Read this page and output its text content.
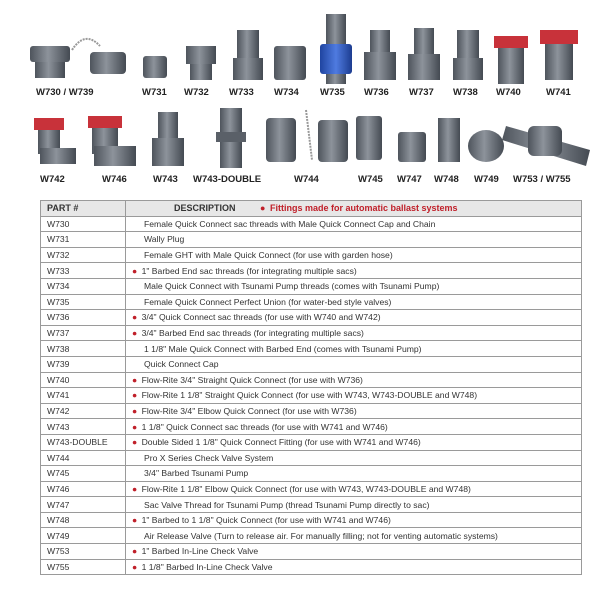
W730 / W739	W731 W732 W733 W734 W735 W736 W737 W738 W740	W741
W742	W746	W743 W743-DOUBLE	W744	W745 W747 W748 W749 W753 / W755
PART #	DESCRIPTION ● Fittings made for automatic ballast systems
W730	Female Quick Connect sac threads with Male Quick Connect Cap and Chain
W731	Wally Plug
W732	Female GHT with Male Quick Connect (for use with garden hose)
W733	● 1" Barbed End sac threads (for integrating multiple sacs)
W734	Male Quick Connect with Tsunami Pump threads (comes with Tsunami Pump)
W735	Female Quick Connect Perfect Union (for water-bed style valves)
W736	● 3/4" Quick Connect sac threads (for use with W740 and W742)
W737	● 3/4" Barbed End sac threads (for integrating multiple sacs)
W738	1 1/8" Male Quick Connect with Barbed End (comes with Tsunami Pump)
W739	Quick Connect Cap
W740	● Flow-Rite 3/4" Straight Quick Connect (for use with W736)
W741	● Flow-Rite 1 1/8" Straight Quick Connect (for use with W743, W743-DOUBLE and W748)
W742	● Flow-Rite 3/4" Elbow Quick Connect (for use with W736)
W743	● 1 1/8" Quick Connect sac threads (for use with W741 and W746)
W743-DOUBLE	● Double Sided 1 1/8" Quick Connect Fitting (for use with W741 and W746)
W744	Pro X Series Check Valve System
W745	3/4" Barbed Tsunami Pump
W746	● Flow-Rite 1 1/8" Elbow Quick Connect (for use with W743, W743-DOUBLE and W748)
W747	Sac Valve Thread for Tsunami Pump (thread Tsunami Pump directly to sac)
W748	● 1" Barbed to 1 1/8" Quick Connect (for use with W741 and W746)
W749	Air Release Valve (Turn to release air. For manually filling; not for venting automatic systems)
W753	● 1" Barbed In-Line Check Valve
W755	● 1 1/8" Barbed In-Line Check Valve
